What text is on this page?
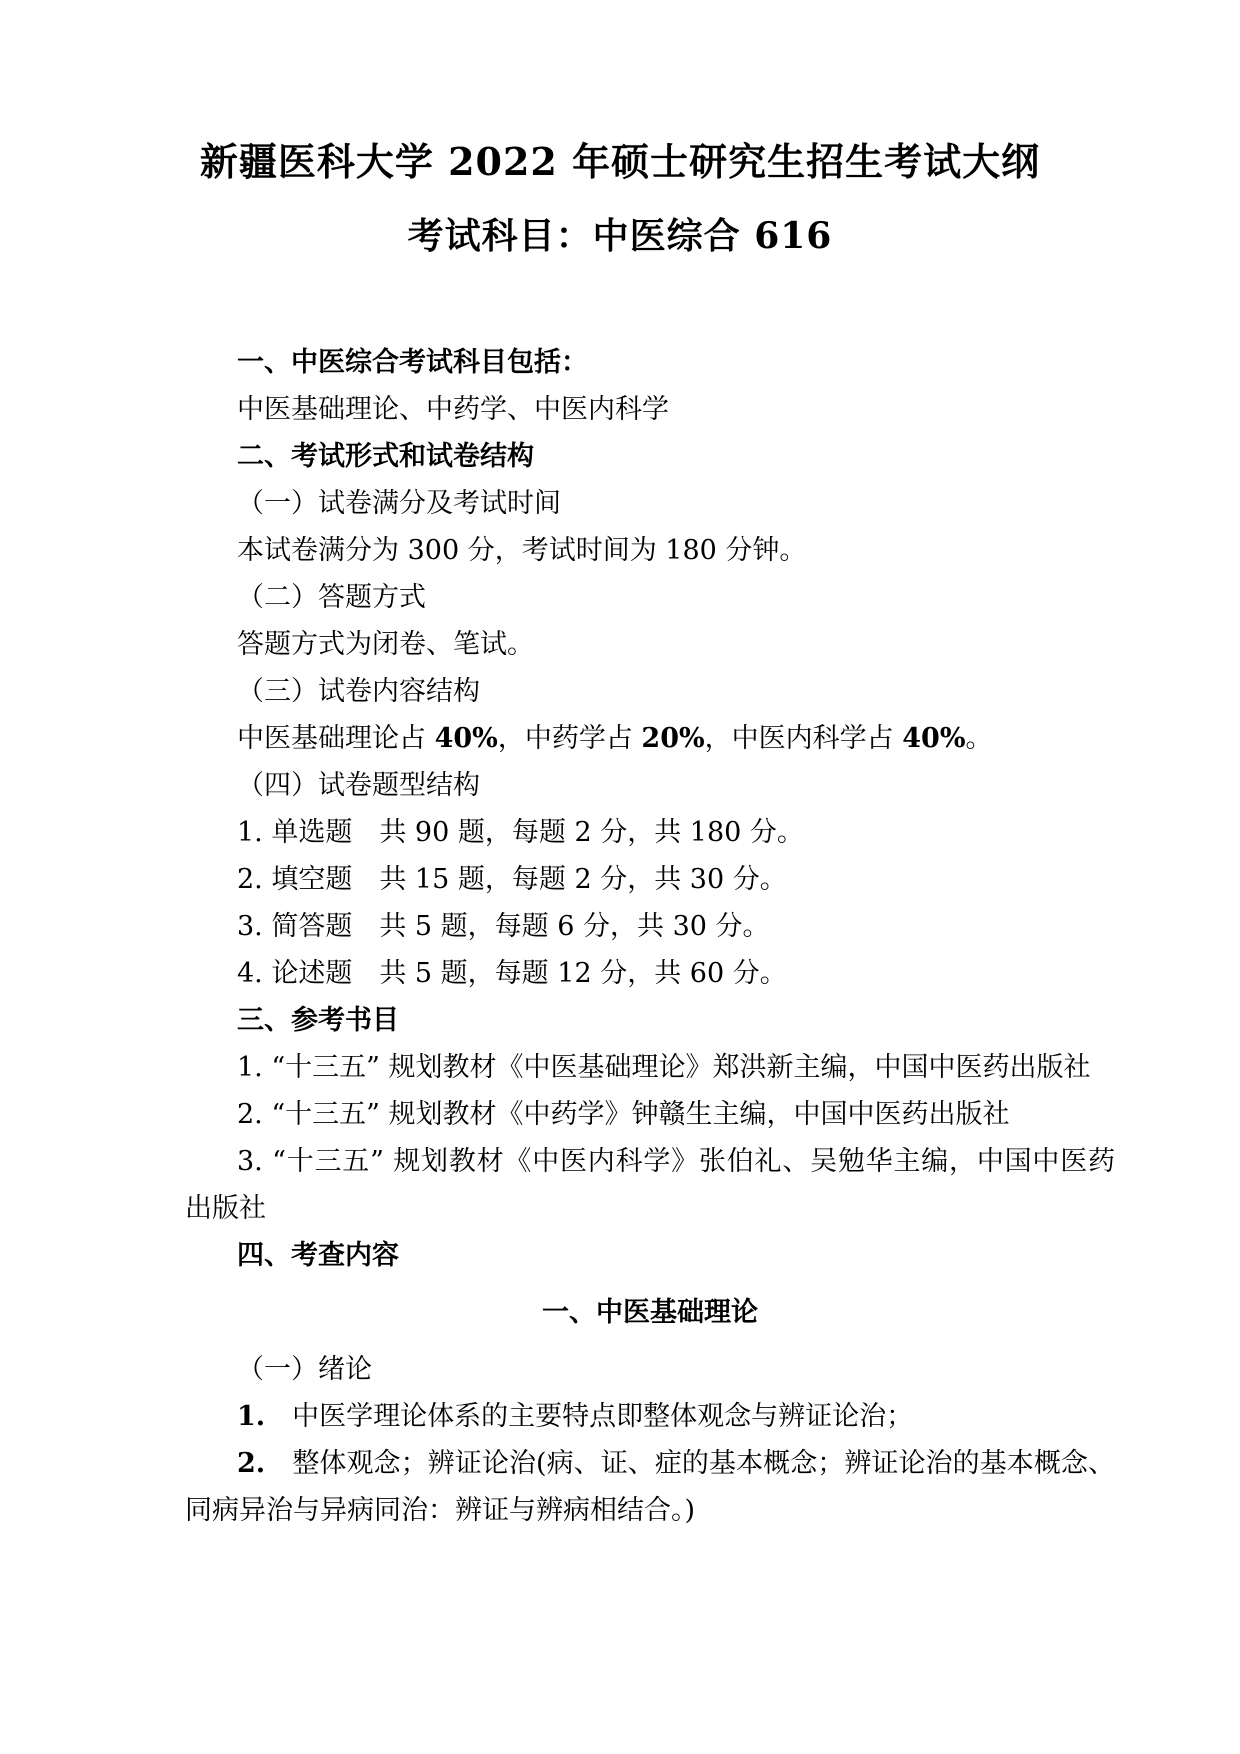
新疆医科大学 2022 年硕士研究生招生考试大纲
考试科目：中医综合 616

一、中医综合考试科目包括：

中医基础理论、中药学、中医内科学

二、考试形式和试卷结构

（一）试卷满分及考试时间

本试卷满分为 300 分，考试时间为 180 分钟。

（二）答题方式

答题方式为闭卷、笔试。

（三）试卷内容结构

中医基础理论占 40%，中药学占 20%，中医内科学占 40%。

（四）试卷题型结构

1. 单选题　共 90 题，每题 2 分，共 180 分。

2. 填空题　共 15 题，每题 2 分，共 30 分。

3. 简答题　共 5 题，每题 6 分，共 30 分。

4. 论述题　共 5 题，每题 12 分，共 60 分。

三、参考书目

1. “十三五” 规划教材《中医基础理论》郑洪新主编，中国中医药出版社

2. “十三五” 规划教材《中药学》钟赣生主编，中国中医药出版社

3. “十三五” 规划教材《中医内科学》张伯礼、吴勉华主编，中国中医药出版社

四、考查内容

一、中医基础理论

（一）绪论

1.　中医学理论体系的主要特点即整体观念与辨证论治；

2.　整体观念；辨证论治(病、证、症的基本概念；辨证论治的基本概念、同病异治与异病同治：辨证与辨病相结合。)
